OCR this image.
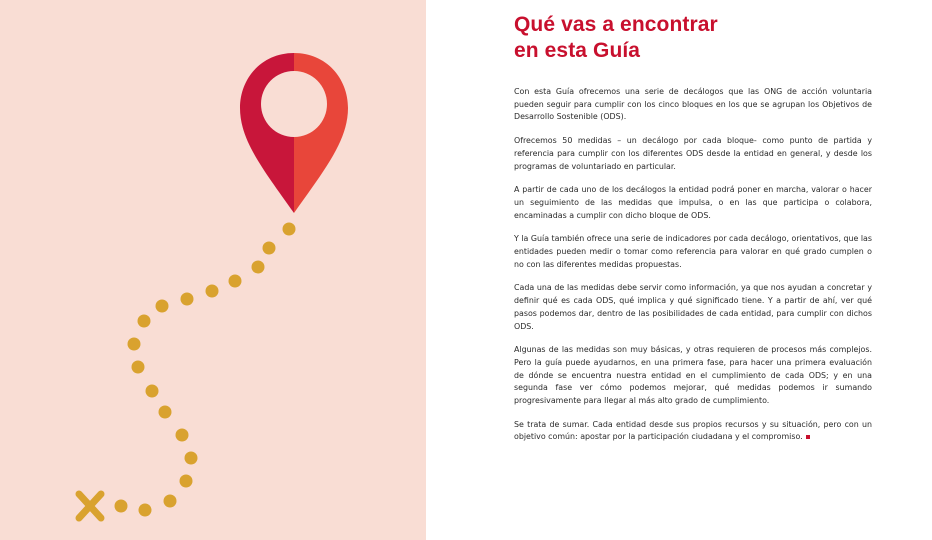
Qué vas a encontrar
en esta Guía

Con esta Guía ofrecemos una serie de decálogos que las ONG de acción voluntaria pueden seguir para cumplir con los cinco bloques en los que se agrupan los Objetivos de Desarrollo Sostenible (ODS).

Ofrecemos 50 medidas – un decálogo por cada bloque- como punto de partida y referencia para cumplir con los diferentes ODS desde la entidad en general, y desde los programas de voluntariado en particular.

A partir de cada uno de los decálogos la entidad podrá poner en marcha, valorar o hacer un seguimiento de las medidas que impulsa, o en las que participa o colabora, encaminadas a cumplir con dicho bloque de ODS.

Y la Guía también ofrece una serie de indicadores por cada decálogo, orientativos, que las entidades pueden medir o tomar como referencia para valorar en qué grado cumplen o no con las diferentes medidas propuestas.

Cada una de las medidas debe servir como información, ya que nos ayudan a concretar y definir qué es cada ODS, qué implica y qué significado tiene. Y a partir de ahí, ver qué pasos podemos dar, dentro de las posibilidades de cada entidad, para cumplir con dichos ODS.

Algunas de las medidas son muy básicas, y otras requieren de procesos más complejos. Pero la guía puede ayudarnos, en una primera fase, para hacer una primera evaluación de dónde se encuentra nuestra entidad en el cumplimiento de cada ODS; y en una segunda fase ver cómo podemos mejorar, qué medidas podemos ir sumando progresivamente para llegar al más alto grado de cumplimiento.

Se trata de sumar. Cada entidad desde sus propios recursos y su situación, pero con un objetivo común: apostar por la participación ciudadana y el compromiso.
